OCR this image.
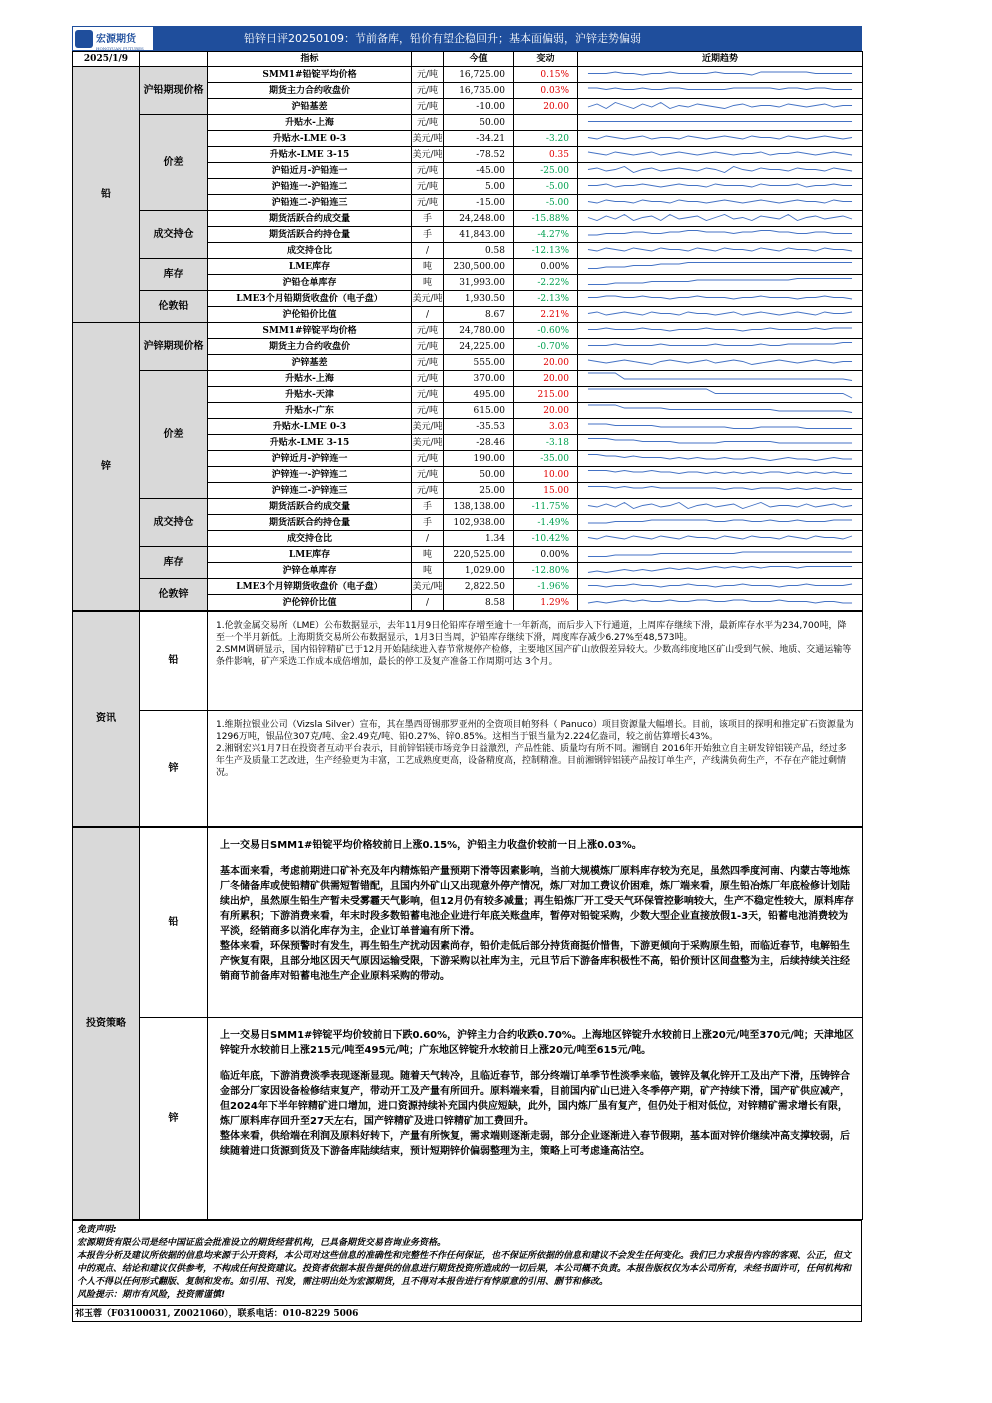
宏源期货
HONGYUAN FUTURES
铅锌日评20250109：节前备库，铅价有望企稳回升；基本面偏弱，沪锌走势偏弱
2025/1/9		指标		今值	变动	近期趋势
铅	沪铅期现价格	SMM1#铅锭平均价格	元/吨	16,725.00	0.15%	

		期货主力合约收盘价	元/吨	16,735.00	0.03%	

		沪铅基差	元/吨	-10.00	20.00	

	价差	升贴水-上海	元/吨	50.00		

		升贴水-LME 0-3	美元/吨	-34.21	-3.20	

		升贴水-LME 3-15	美元/吨	-78.52	0.35	

		沪铅近月-沪铅连一	元/吨	-45.00	-25.00	

		沪铅连一-沪铅连二	元/吨	5.00	-5.00	

		沪铅连二-沪铅连三	元/吨	-15.00	-5.00	

	成交持仓	期货活跃合约成交量	手	24,248.00	-15.88%	

		期货活跃合约持仓量	手	41,843.00	-4.27%	

		成交持仓比	/	0.58	-12.13%	

	库存	LME库存	吨	230,500.00	0.00%	

		沪铅仓单库存	吨	31,993.00	-2.22%	

	伦敦铅	LME3个月铅期货收盘价（电子盘）	美元/吨	1,930.50	-2.13%	

		沪伦铅价比值	/	8.67	2.21%	

锌	沪锌期现价格	SMM1#锌锭平均价格	元/吨	24,780.00	-0.60%	

		期货主力合约收盘价	元/吨	24,225.00	-0.70%	

		沪锌基差	元/吨	555.00	20.00	

	价差	升贴水-上海	元/吨	370.00	20.00	

		升贴水-天津	元/吨	495.00	215.00	

		升贴水-广东	元/吨	615.00	20.00	

		升贴水-LME 0-3	美元/吨	-35.53	3.03	

		升贴水-LME 3-15	美元/吨	-28.46	-3.18	

		沪锌近月-沪锌连一	元/吨	190.00	-35.00	

		沪锌连一-沪锌连二	元/吨	50.00	10.00	

		沪锌连二-沪锌连三	元/吨	25.00	15.00	

	成交持仓	期货活跃合约成交量	手	138,138.00	-11.75%	

		期货活跃合约持仓量	手	102,938.00	-1.49%	

		成交持仓比	/	1.34	-10.42%	

	库存	LME库存	吨	220,525.00	0.00%	

		沪锌仓单库存	吨	1,029.00	-12.80%	

	伦敦锌	LME3个月锌期货收盘价（电子盘）	美元/吨	2,822.50	-1.96%	

		沪伦锌价比值	/	8.58	1.29%	
资讯	铅	1.伦敦金属交易所（LME）公布数据显示，去年11月9日伦铅库存增至逾十一年新高，而后步入下行通道，上周库存继续下滑，最新库存水平为234,700吨，降至一个半月新低。上海期货交易所公布数据显示，1月3日当周，沪铅库存继续下滑，周度库存减少6.27%至48,573吨。
2.SMM调研显示，国内铅锌精矿已于12月开始陆续进入春节常规停产检修，主要地区国产矿山放假差异较大。少数高纬度地区矿山受到气候、地质、交通运输等条件影响，矿产采选工作成本成倍增加，最长的停工及复产准备工作周期可达 3个月。
	锌	1.维斯拉银业公司（Vizsla Silver）宣布，其在墨西哥锡那罗亚州的全资项目帕努科（ Panuco）项目资源量大幅增长。目前，该项目的探明和推定矿石资源量为1296万吨，银品位307克/吨、金2.49克/吨、铅0.27%、锌0.85%。这相当于银当量为2.224亿盎司，较之前估算增长43%。
2.湘钢宏兴1月7日在投资者互动平台表示，目前锌铝镁市场竞争日益激烈，产品性能、质量均有所不同。湘钢自 2016年开始独立自主研发锌铝镁产品，经过多年生产及质量工艺改进，生产经验更为丰富，工艺成熟度更高，设备精度高，控制精准。目前湘钢锌铝镁产品按订单生产，产线满负荷生产，不存在产能过剩情况。
投资策略	铅	上一交易日SMM1#铅锭平均价格较前日上涨0.15%，沪铅主力收盘价较前一日上涨0.03%。

基本面来看，考虑前期进口矿补充及年内精炼铅产量预期下滑等因素影响，当前大规模炼厂原料库存较为充足，虽然四季度河南、内蒙古等地炼厂冬储备库或使铅精矿供需短暂错配，且国内外矿山又出现意外停产情况，炼厂对加工费议价困难，炼厂端来看，原生铅冶炼厂年底检修计划陆续出炉，虽然原生铅生产暂未受雾霾天气影响，但12月仍有较多减量；再生铅炼厂开工受天气环保管控影响较大，生产不稳定性较大，原料库存有所累积；下游消费来看，年末时段多数铅蓄电池企业进行年底关账盘库，暂停对铅锭采购，少数大型企业直接放假1-3天，铅蓄电池消费较为平淡，经销商多以消化库存为主，企业订单普遍有所下滑。
整体来看，环保预警时有发生，再生铅生产扰动因素尚存，铅价走低后部分持货商挺价惜售，下游更倾向于采购原生铅，而临近春节，电解铅生产恢复有限，且部分地区因天气原因运输受限，下游采购以社库为主，元旦节后下游备库积极性不高，铅价预计区间盘整为主，后续持续关注经销商节前备库对铅蓄电池生产企业原料采购的带动。

	锌	上一交易日SMM1#锌锭平均价较前日下跌0.60%，沪锌主力合约收跌0.70%。上海地区锌锭升水较前日上涨20元/吨至370元/吨；天津地区锌锭升水较前日上涨215元/吨至495元/吨；广东地区锌锭升水较前日上涨20元/吨至615元/吨。

临近年底，下游消费淡季表现逐渐显现。随着天气转冷，且临近春节，部分终端订单季节性淡季来临，镀锌及氧化锌开工及出产下滑，压铸锌合金部分厂家因设备检修结束复产，带动开工及产量有所回升。原料端来看，目前国内矿山已进入冬季停产期，矿产持续下滑，国产矿供应减产，但2024年下半年锌精矿进口增加，进口资源持续补充国内供应短缺，此外，国内炼厂虽有复产，但仍处于相对低位，对锌精矿需求增长有限，炼厂原料库存回升至27天左右，国产锌精矿及进口锌精矿加工费回升。
整体来看，供给端在利润及原料好转下，产量有所恢复，需求端则逐渐走弱，部分企业逐渐进入春节假期，基本面对锌价继续冲高支撑较弱，后续随着进口货源到货及下游备库陆续结束，预计短期锌价偏弱整理为主，策略上可考虑逢高沽空。

免责声明:

宏源期货有限公司是经中国证监会批准设立的期货经营机构，已具备期货交易咨询业务资格。

本报告分析及建议所依据的信息均来源于公开资料，本公司对这些信息的准确性和完整性不作任何保证，也不保证所依据的信息和建议不会发生任何变化。我们已力求报告内容的客观、公正，但文中的观点、结论和建议仅供参考，不构成任何投资建议。投资者依据本报告提供的信息进行期货投资所造成的一切后果，本公司概不负责。本报告版权仅为本公司所有，未经书面许可，任何机构和个人不得以任何形式翻版、复制和发布。如引用、刊发，需注明出处为宏源期货，且不得对本报告进行有悖原意的引用、删节和修改。

风险提示：期市有风险，投资需谨慎!

祁玉蓉（F03100031, Z0021060），联系电话：010-8229 5006
